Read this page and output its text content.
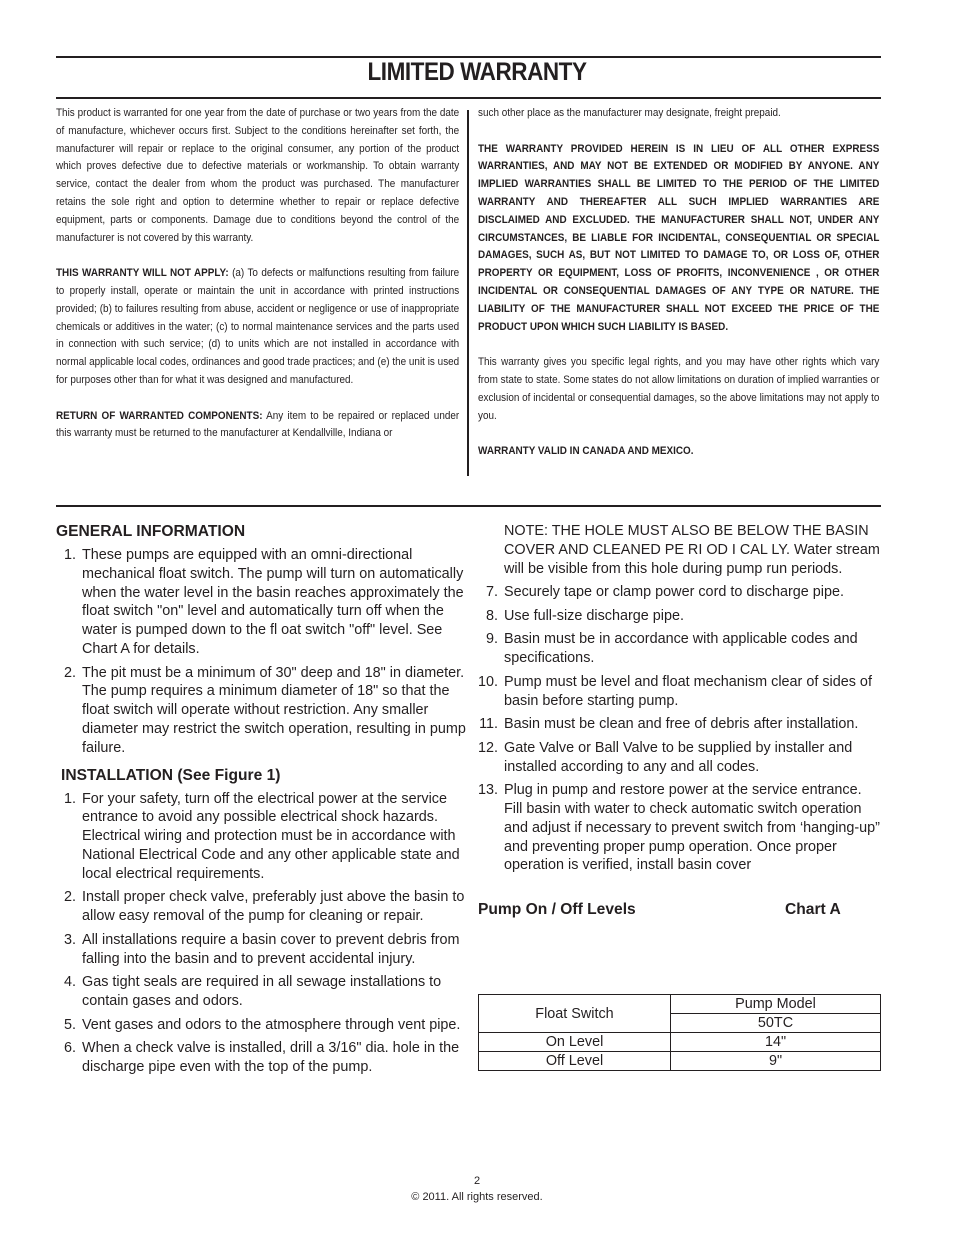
LIMITED WARRANTY

This product is warranted for one year from the date of purchase or two years from the date of manufacture, whichever occurs first. Subject to the conditions hereinafter set forth, the manufacturer will repair or replace to the original consumer, any portion of the product which proves defective due to defective materials or workmanship. To obtain warranty service, contact the dealer from whom the product was purchased. The manufacturer retains the sole right and option to determine whether to repair or replace defective equipment, parts or components. Damage due to conditions beyond the control of the manufacturer is not covered by this warranty.

THIS WARRANTY WILL NOT APPLY: (a) To defects or malfunctions resulting from failure to properly install, operate or maintain the unit in accordance with printed instructions provided; (b) to failures resulting from abuse, accident or negligence or use of inappropriate chemicals or additives in the water; (c) to normal maintenance services and the parts used in connection with such service; (d) to units which are not installed in accordance with normal applicable local codes, ordinances and good trade practices; and (e) the unit is used for purposes other than for what it was designed and manufactured.

RETURN OF WARRANTED COMPONENTS: Any item to be repaired or replaced under this warranty must be returned to the manufacturer at Kendallville, Indiana or

such other place as the manufacturer may designate, freight prepaid.

THE WARRANTY PROVIDED HEREIN IS IN LIEU OF ALL OTHER EXPRESS WARRANTIES, AND MAY NOT BE EXTENDED OR MODIFIED BY ANYONE. ANY IMPLIED WARRANTIES SHALL BE LIMITED TO THE PERIOD OF THE LIMITED WARRANTY AND THEREAFTER ALL SUCH IMPLIED WARRANTIES ARE DISCLAIMED AND EXCLUDED. THE MANUFACTURER SHALL NOT, UNDER ANY CIRCUMSTANCES, BE LIABLE FOR INCIDENTAL, CONSEQUENTIAL OR SPECIAL DAMAGES, SUCH AS, BUT NOT LIMITED TO DAMAGE TO, OR LOSS OF, OTHER PROPERTY OR EQUIPMENT, LOSS OF PROFITS, INCONVENIENCE , OR OTHER INCIDENTAL OR CONSEQUENTIAL DAMAGES OF ANY TYPE OR NATURE. THE LIABILITY OF THE MANUFACTURER SHALL NOT EXCEED THE PRICE OF THE PRODUCT UPON WHICH SUCH LIABILITY IS BASED.

This warranty gives you specific legal rights, and you may have other rights which vary from state to state. Some states do not allow limitations on duration of implied warranties or exclusion of incidental or consequential damages, so the above limitations may not apply to you.

WARRANTY VALID IN CANADA AND MEXICO.

GENERAL INFORMATION
1. These pumps are equipped with an omni-directional mechanical float switch. The pump will turn on automatically when the water level in the basin reaches approximately the float switch "on" level and automatically turn off when the water is pumped down to the fl oat switch "off" level. See Chart A for details.
2. The pit must be a minimum of 30" deep and 18" in diameter. The pump requires a minimum diameter of 18" so that the float switch will operate without restriction. Any smaller diameter may restrict the switch operation, resulting in pump failure.
INSTALLATION (See Figure 1)
1. For your safety, turn off the electrical power at the service entrance to avoid any possible electrical shock hazards. Electrical wiring and protection must be in accordance with National Electrical Code and any other applicable state and local electrical requirements.
2. Install proper check valve, preferably just above the basin to allow easy removal of the pump for cleaning or repair.
3. All installations require a basin cover to prevent debris from falling into the basin and to prevent accidental injury.
4. Gas tight seals are required in all sewage installations to contain gases and odors.
5. Vent gases and odors to the atmosphere through vent pipe.
6. When a check valve is installed, drill a 3/16" dia. hole in the discharge pipe even with the top of the pump.
NOTE: THE HOLE MUST ALSO BE BELOW THE BASIN COVER AND CLEANED PE RI OD I CAL LY. Water stream will be visible from this hole during pump run periods.
7. Securely tape or clamp power cord to discharge pipe.
8. Use full-size discharge pipe.
9. Basin must be in accordance with applicable codes and specifications.
10. Pump must be level and float mechanism clear of sides of basin before starting pump.
11. Basin must be clean and free of debris after installation.
12. Gate Valve or Ball Valve to be supplied by installer and installed according to any and all codes.
13. Plug in pump and restore power at the service entrance. Fill basin with water to check automatic switch operation and adjust if necessary to prevent switch from ‘hanging-up” and preventing proper pump operation. Once proper operation is verified, install basin cover
Pump On / Off Levels	Chart A
Float Switch	Pump Model
	50TC
On Level	14"
Off Level	9"
2
© 2011. All rights reserved.
